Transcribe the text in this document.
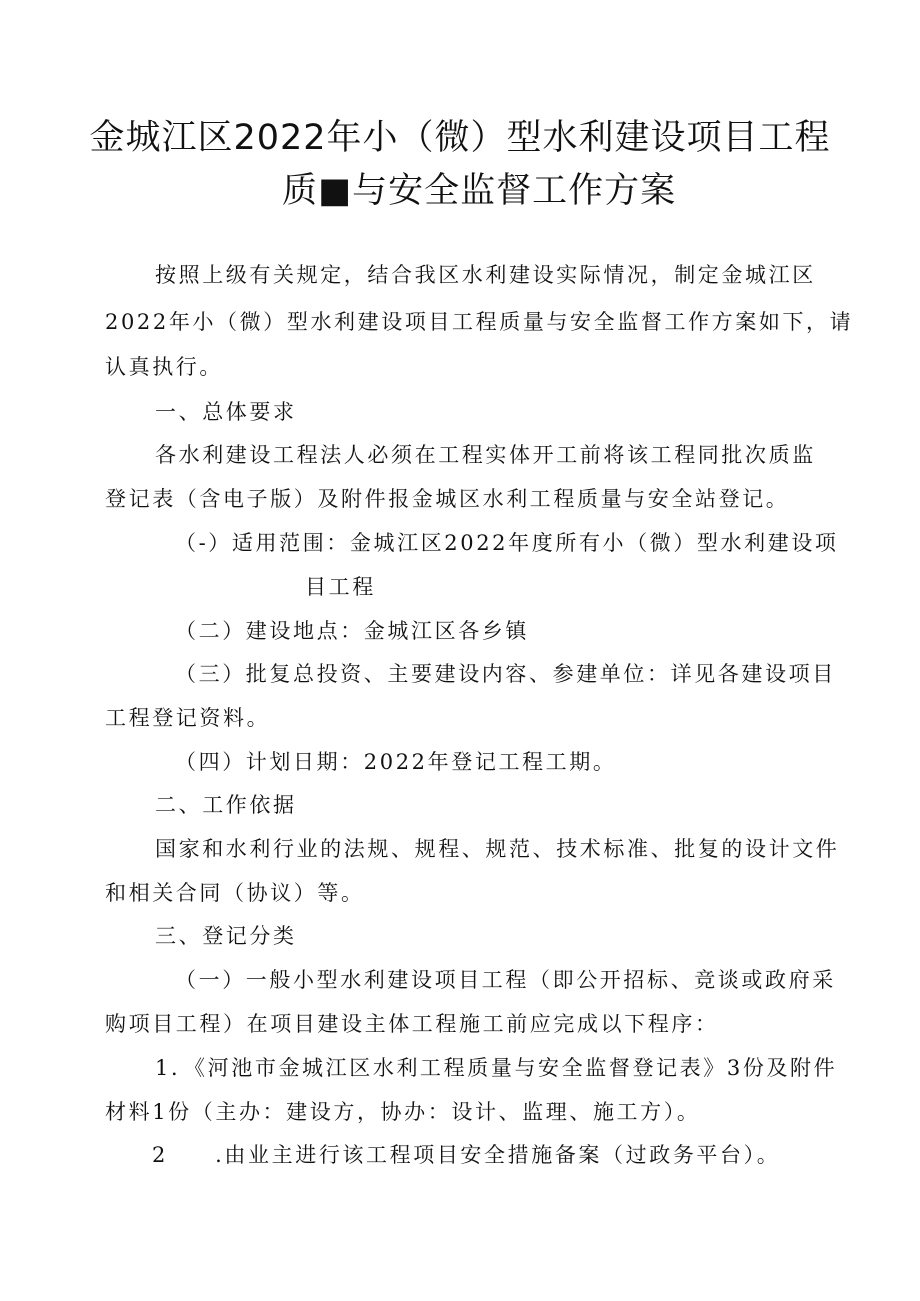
金城江区2022年小（微）型水利建设项目工程
质■与安全监督工作方案
按照上级有关规定，结合我区水利建设实际情况，制定金城江区
2022年小（微）型水利建设项目工程质量与安全监督工作方案如下，请
认真执行。
一、总体要求
各水利建设工程法人必须在工程实体开工前将该工程同批次质监
登记表（含电子版）及附件报金城区水利工程质量与安全站登记。
（-）适用范围：金城江区2022年度所有小（微）型水利建设项
目工程
（二）建设地点：金城江区各乡镇
（三）批复总投资、主要建设内容、参建单位：详见各建设项目
工程登记资料。
（四）计划日期：2022年登记工程工期。
二、工作依据
国家和水利行业的法规、规程、规范、技术标准、批复的设计文件
和相关合同（协议）等。
三、登记分类
（一）一般小型水利建设项目工程（即公开招标、竞谈或政府采
购项目工程）在项目建设主体工程施工前应完成以下程序：
1．《河池市金城江区水利工程质量与安全监督登记表》3份及附件
材料1份（主办：建设方，协办：设计、监理、施工方）。
2　　.由业主进行该工程项目安全措施备案（过政务平台）。
